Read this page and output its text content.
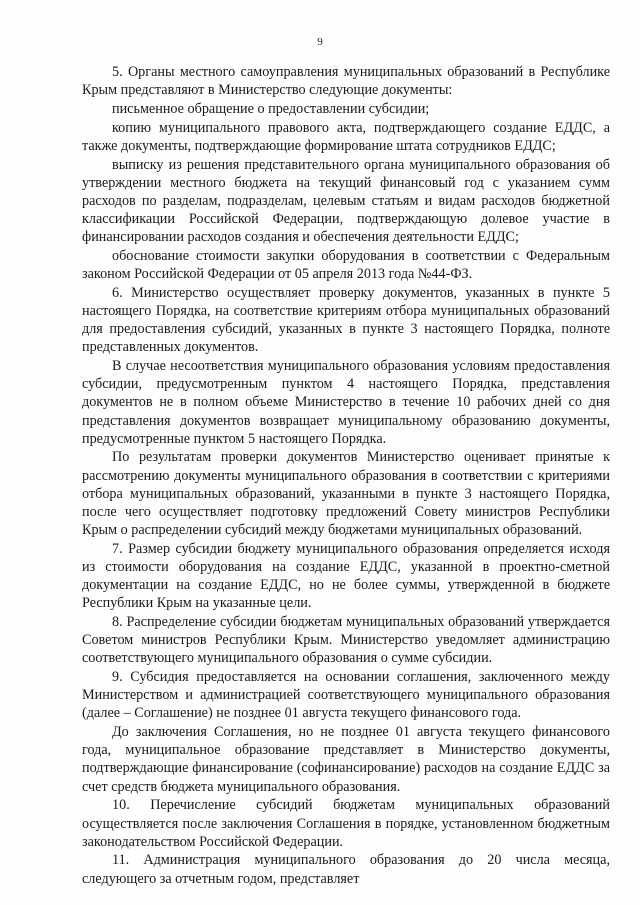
9

5. Органы местного самоуправления муниципальных образований в Республике Крым представляют в Министерство следующие документы:

письменное обращение о предоставлении субсидии;

копию муниципального правового акта, подтверждающего создание ЕДДС, а также документы, подтверждающие формирование штата сотрудников ЕДДС;

выписку из решения представительного органа муниципального образования об утверждении местного бюджета на текущий финансовый год с указанием сумм расходов по разделам, подразделам, целевым статьям и видам расходов бюджетной классификации Российской Федерации, подтверждающую долевое участие в финансировании расходов создания и обеспечения деятельности ЕДДС;

обоснование стоимости закупки оборудования в соответствии с Федеральным законом Российской Федерации от 05 апреля 2013 года №44-ФЗ.

6. Министерство осуществляет проверку документов, указанных в пункте 5 настоящего Порядка, на соответствие критериям отбора муниципальных образований для предоставления субсидий, указанных в пункте 3 настоящего Порядка, полноте представленных документов.

В случае несоответствия муниципального образования условиям предоставления субсидии, предусмотренным пунктом 4 настоящего Порядка, представления документов не в полном объеме Министерство в течение 10 рабочих дней со дня представления документов возвращает муниципальному образованию документы, предусмотренные пунктом 5 настоящего Порядка.

По результатам проверки документов Министерство оценивает принятые к рассмотрению документы муниципального образования в соответствии с критериями отбора муниципальных образований, указанными в пункте 3 настоящего Порядка, после чего осуществляет подготовку предложений Совету министров Республики Крым о распределении субсидий между бюджетами муниципальных образований.

7. Размер субсидии бюджету муниципального образования определяется исходя из стоимости оборудования на создание ЕДДС, указанной в проектно-сметной документации на создание ЕДДС, но не более суммы, утвержденной в бюджете Республики Крым на указанные цели.

8. Распределение субсидии бюджетам муниципальных образований утверждается Советом министров Республики Крым. Министерство уведомляет администрацию соответствующего муниципального образования о сумме субсидии.

9. Субсидия предоставляется на основании соглашения, заключенного между Министерством и администрацией соответствующего муниципального образования (далее – Соглашение) не позднее 01 августа текущего финансового года.

До заключения Соглашения, но не позднее 01 августа текущего финансового года, муниципальное образование представляет в Министерство документы, подтверждающие финансирование (софинансирование) расходов на создание ЕДДС за счет средств бюджета муниципального образования.

10. Перечисление субсидий бюджетам муниципальных образований осуществляется после заключения Соглашения в порядке, установленном бюджетным законодательством Российской Федерации.

11. Администрация муниципального образования до 20 числа месяца, следующего за отчетным годом, представляет
